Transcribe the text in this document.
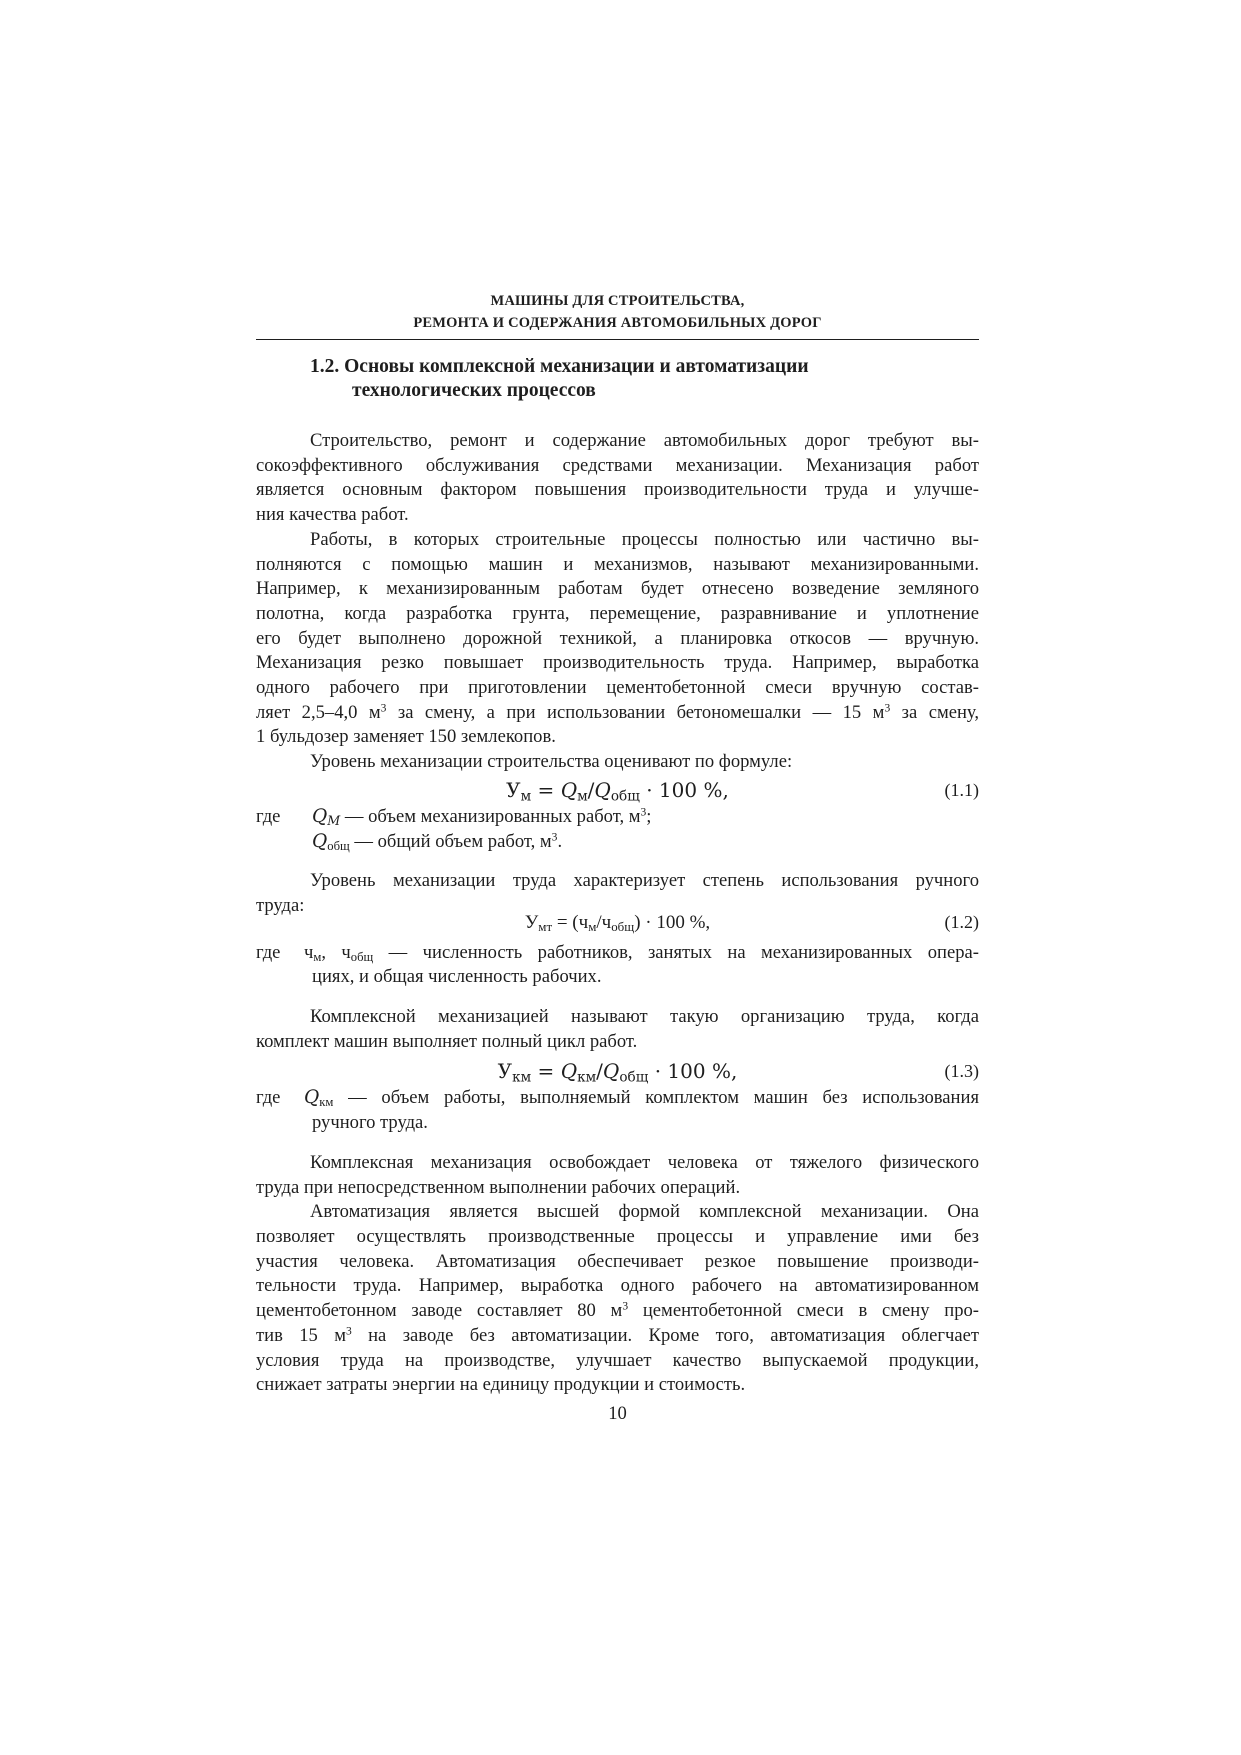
МАШИНЫ ДЛЯ СТРОИТЕЛЬСТВА,
РЕМОНТА И СОДЕРЖАНИЯ АВТОМОБИЛЬНЫХ ДОРОГ
1.2. Основы комплексной механизации и автоматизации
технологических процессов
Строительство, ремонт и содержание автомобильных дорог требуют вы-
сокоэффективного обслуживания средствами механизации. Механизация работ
является основным фактором повышения производительности труда и улучше-
ния качества работ.
Работы, в которых строительные процессы полностью или частично вы-
полняются с помощью машин и механизмов, называют механизированными.
Например, к механизированным работам будет отнесено возведение земляного
полотна, когда разработка грунта, перемещение, разравнивание и уплотнение
его будет выполнено дорожной техникой, а планировка откосов — вручную.
Механизация резко повышает производительность труда. Например, выработка
одного рабочего при приготовлении цементобетонной смеси вручную состав-
ляет 2,5–4,0 $м^3$ за смену, а при использовании бетономешалки — 15 $м^3$ за смену,
1 бульдозер заменяет 150 землекопов.
Уровень механизации строительства оценивают по формуле:
$У_м = Q_м/Q_{общ} \cdot 100$ %,	(1.1)
где $Q_M$ — объем механизированных работ, $м^3$;
$Q_{общ}$ — общий объем работ, $м^3$.
Уровень механизации труда характеризует степень использования ручного
труда:
$У_{мт} = (ч_м/ч_{общ}) \cdot 100$ %,	(1.2)
где $ч_м$, $ч_{общ}$ — численность работников, занятых на механизированных опера-
циях, и общая численность рабочих.
Комплексной механизацией называют такую организацию труда, когда
комплект машин выполняет полный цикл работ.
$У_{км} = Q_{км}/Q_{общ} \cdot 100$ %,	(1.3)
где $Q_{км}$ — объем работы, выполняемый комплектом машин без использования
ручного труда.
Комплексная механизация освобождает человека от тяжелого физического
труда при непосредственном выполнении рабочих операций.
Автоматизация является высшей формой комплексной механизации. Она
позволяет осуществлять производственные процессы и управление ими без
участия человека. Автоматизация обеспечивает резкое повышение производи-
тельности труда. Например, выработка одного рабочего на автоматизированном
цементобетонном заводе составляет 80 $м^3$ цементобетонной смеси в смену про-
тив 15 $м^3$ на заводе без автоматизации. Кроме того, автоматизация облегчает
условия труда на производстве, улучшает качество выпускаемой продукции,
снижает затраты энергии на единицу продукции и стоимость.
10
